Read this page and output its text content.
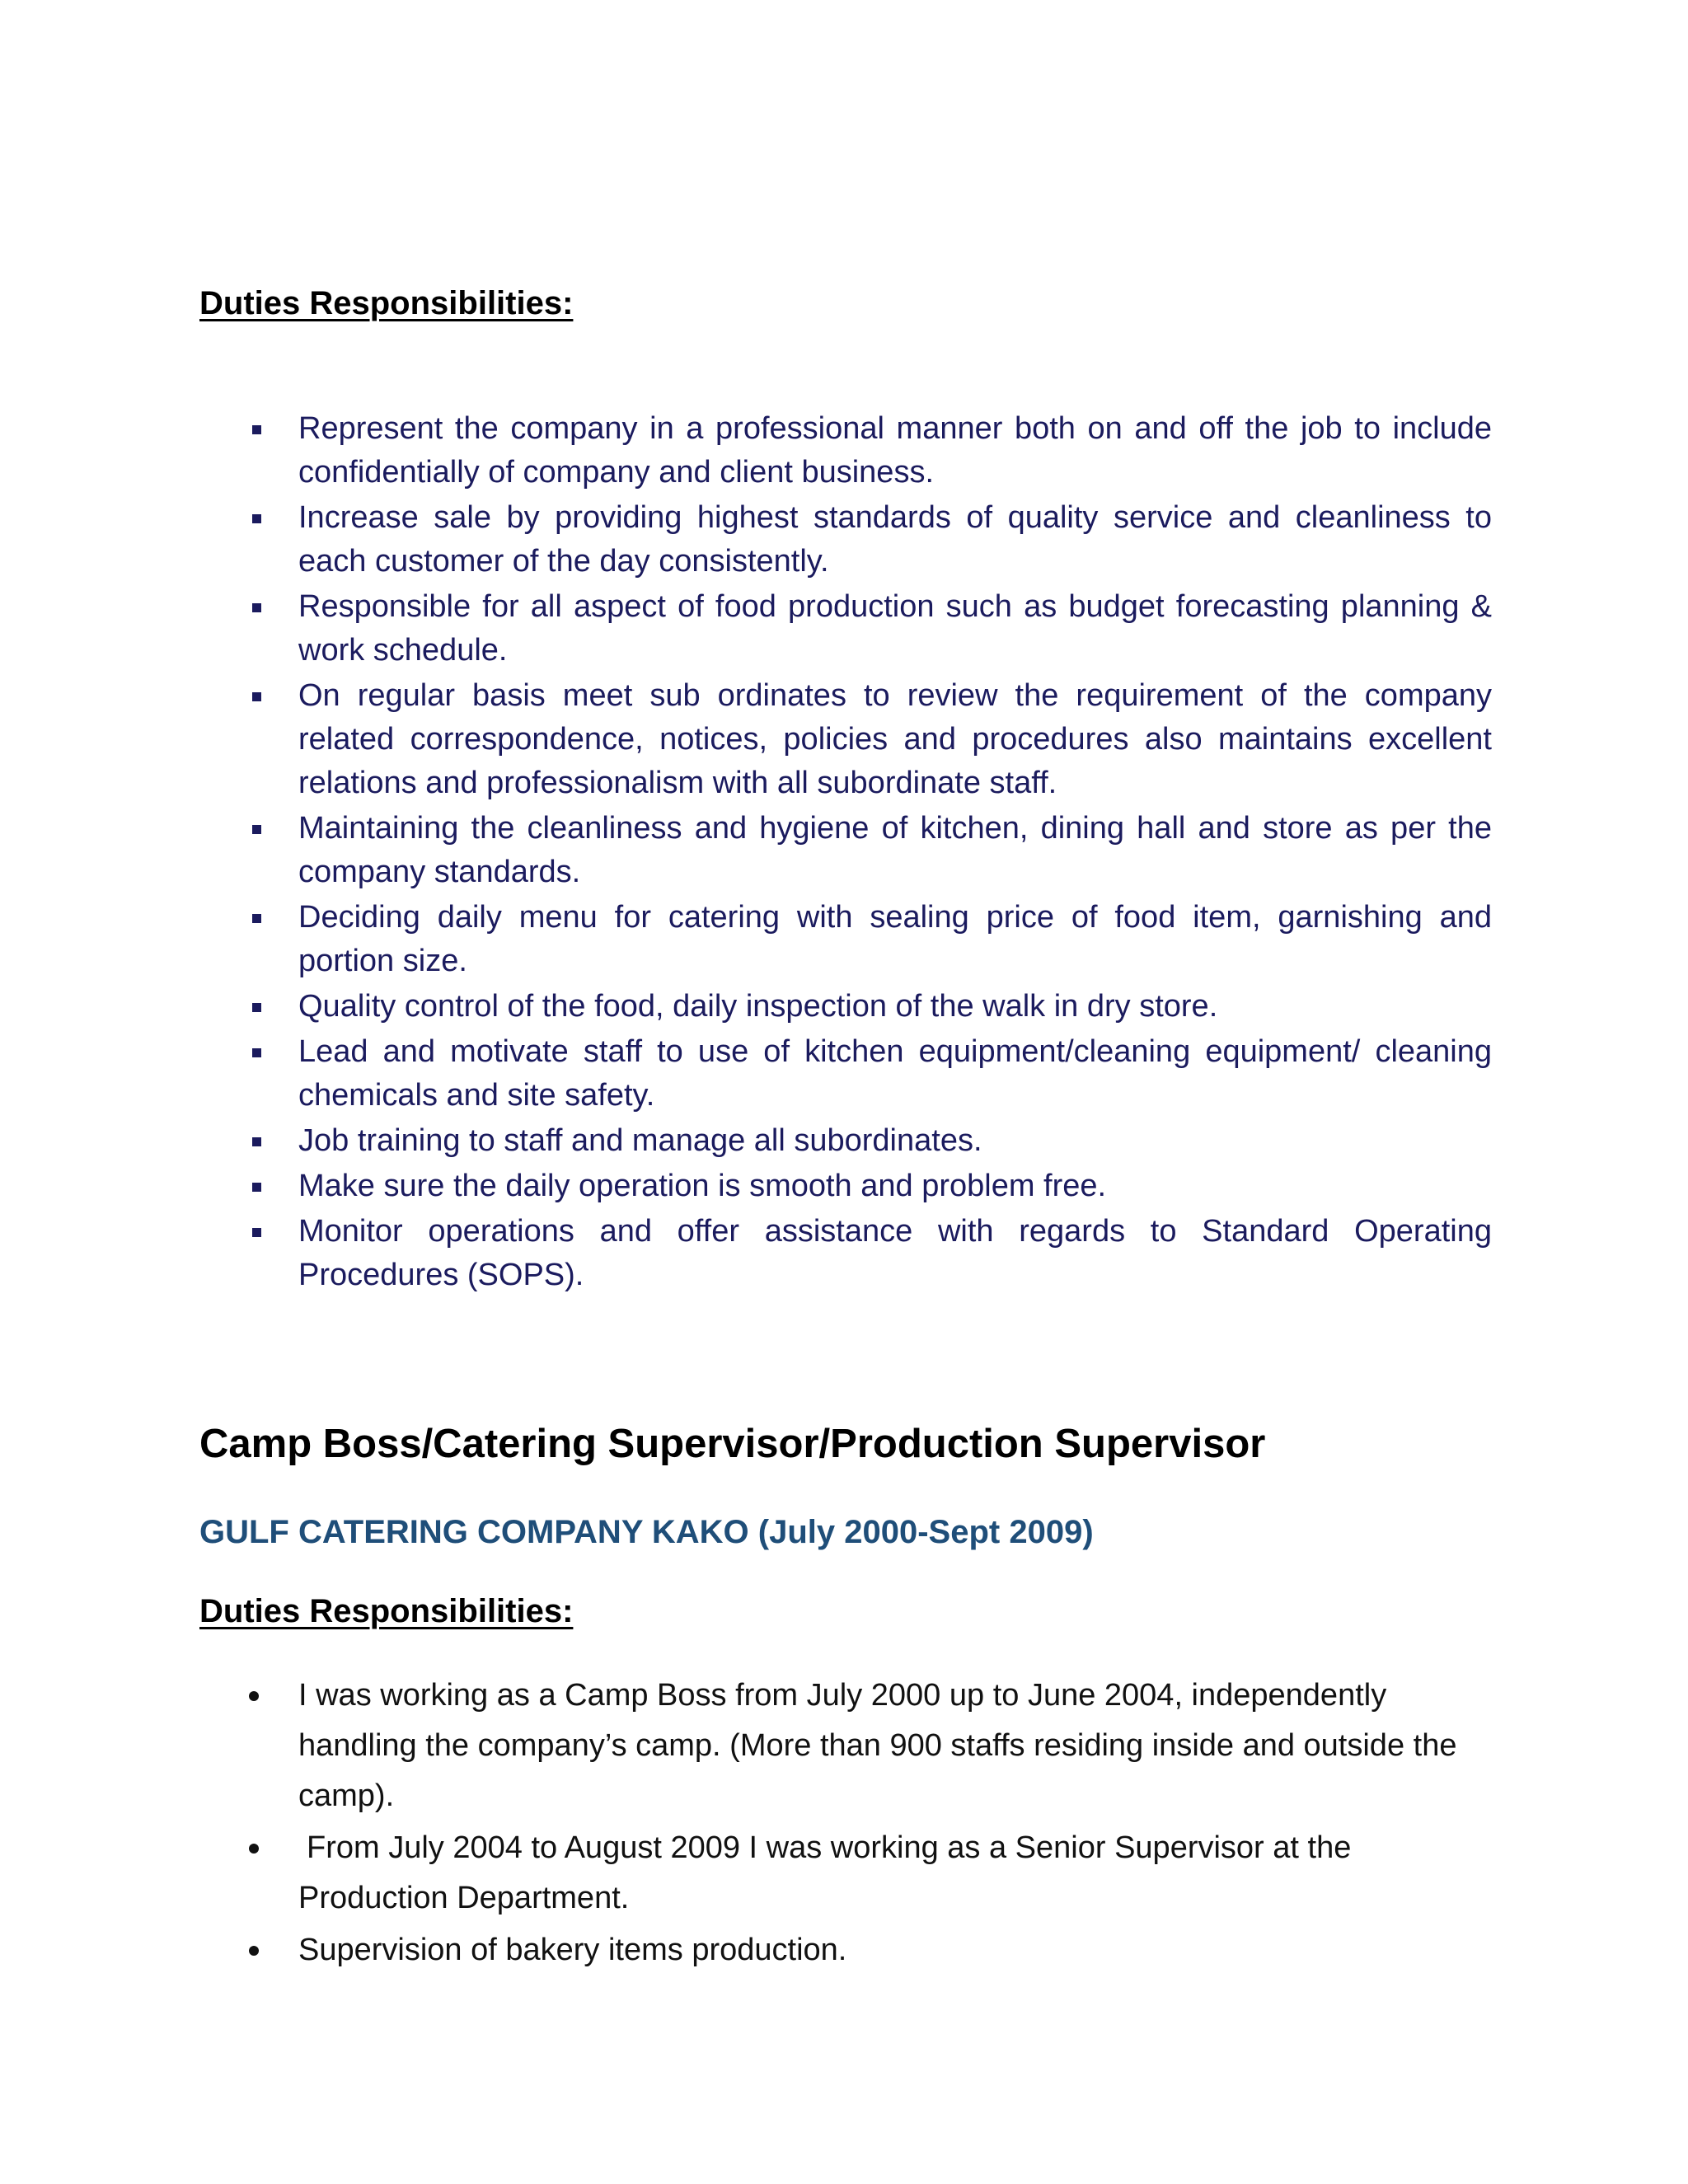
Duties Responsibilities:
Represent the company in a professional manner both on and off the job to include confidentially of company and client business.
Increase sale by providing highest standards of quality service and cleanliness to each customer of the day consistently.
Responsible for all aspect of food production such as budget forecasting planning & work schedule.
On regular basis meet sub ordinates to review the requirement of the company related correspondence, notices, policies and procedures also maintains excellent relations and professionalism with all subordinate staff.
Maintaining the cleanliness and hygiene of kitchen, dining hall and store as per the company standards.
Deciding daily menu for catering with sealing price of food item, garnishing and portion size.
Quality control of the food, daily inspection of the walk in dry store.
Lead and motivate staff to use of kitchen equipment/cleaning equipment/ cleaning chemicals and site safety.
Job training to staff and manage all subordinates.
Make sure the daily operation is smooth and problem free.
Monitor operations and offer assistance with regards to Standard Operating Procedures (SOPS).
Camp Boss/Catering Supervisor/Production Supervisor
GULF CATERING COMPANY KAKO (July 2000-Sept 2009)
Duties Responsibilities:
I was working as a Camp Boss from July 2000 up to June 2004, independently handling the company’s camp. (More than 900 staffs residing inside and outside the camp).
From July 2004 to August 2009 I was working as a Senior Supervisor at the Production Department.
Supervision of bakery items production.
